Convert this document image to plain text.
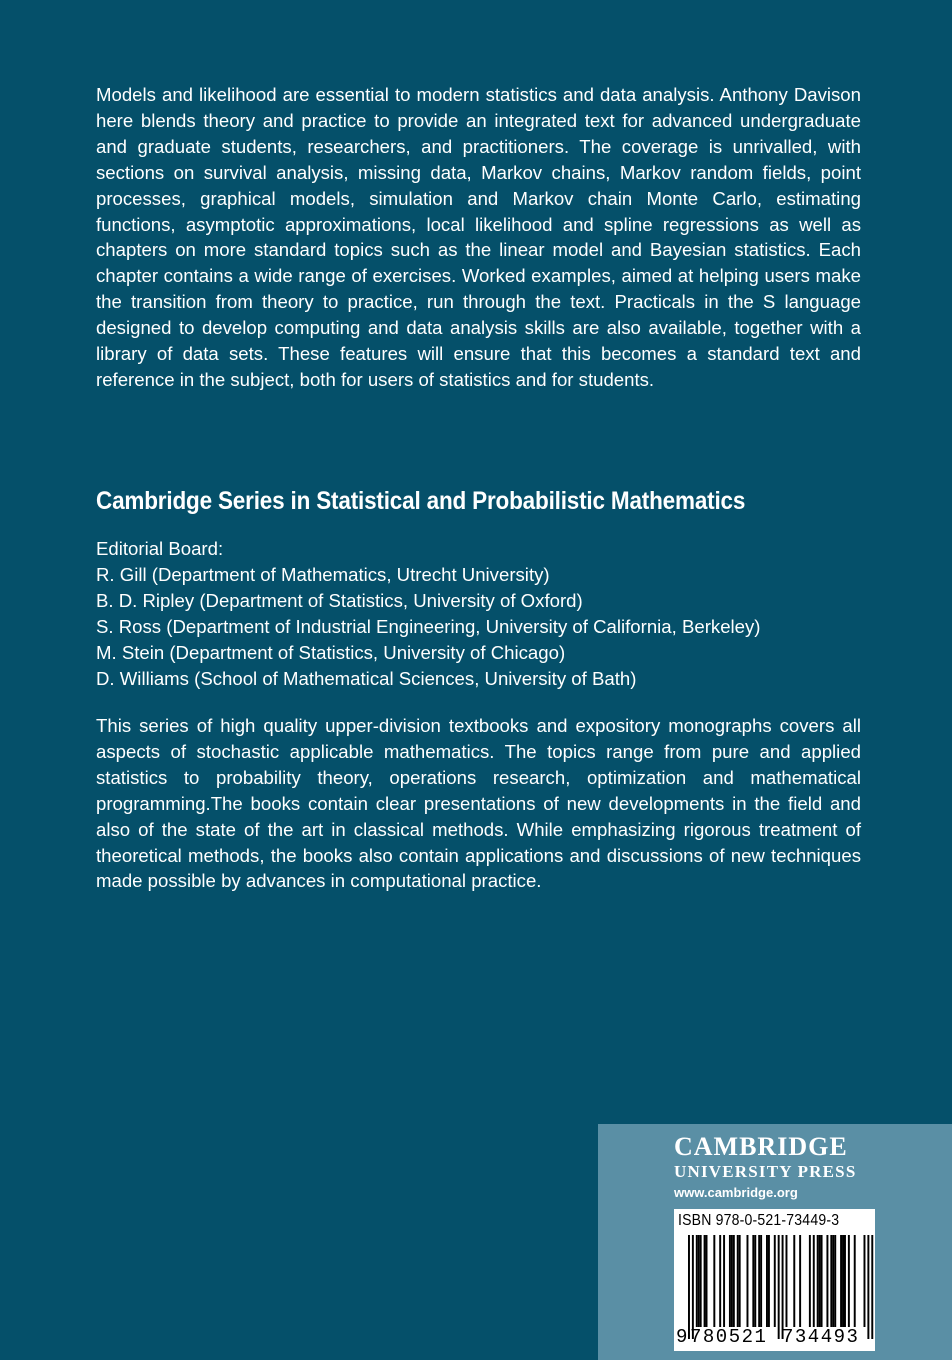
Models and likelihood are essential to modern statistics and data analysis. Anthony Davison here blends theory and practice to provide an integrated text for advanced undergraduate and graduate students, researchers, and practitioners. The coverage is unrivalled, with sections on survival analysis, missing data, Markov chains, Markov random fields, point processes, graphical models, simulation and Markov chain Monte Carlo, estimating functions, asymptotic approximations, local likelihood and spline regressions as well as chapters on more standard topics such as the linear model and Bayesian statistics. Each chapter contains a wide range of exercises. Worked examples, aimed at helping users make the transition from theory to practice, run through the text. Practicals in the S language designed to develop computing and data analysis skills are also available, together with a library of data sets. These features will ensure that this becomes a standard text and reference in the subject, both for users of statistics and for students.

Cambridge Series in Statistical and Probabilistic Mathematics
Editorial Board:
R. Gill (Department of Mathematics, Utrecht University)
B. D. Ripley (Department of Statistics, University of Oxford)
S. Ross (Department of Industrial Engineering, University of California, Berkeley)
M. Stein (Department of Statistics, University of Chicago)
D. Williams (School of Mathematical Sciences, University of Bath)

This series of high quality upper-division textbooks and expository monographs covers all aspects of stochastic applicable mathematics. The topics range from pure and applied statistics to probability theory, operations research, optimization and mathematical programming.The books contain clear presentations of new developments in the field and also of the state of the art in classical methods. While emphasizing rigorous treatment of theoretical methods, the books also contain applications and discussions of new techniques made possible by advances in computational practice.

CAMBRIDGE
UNIVERSITY PRESS
www.cambridge.org
ISBN 978-0-521-73449-3
9 780521 734493
